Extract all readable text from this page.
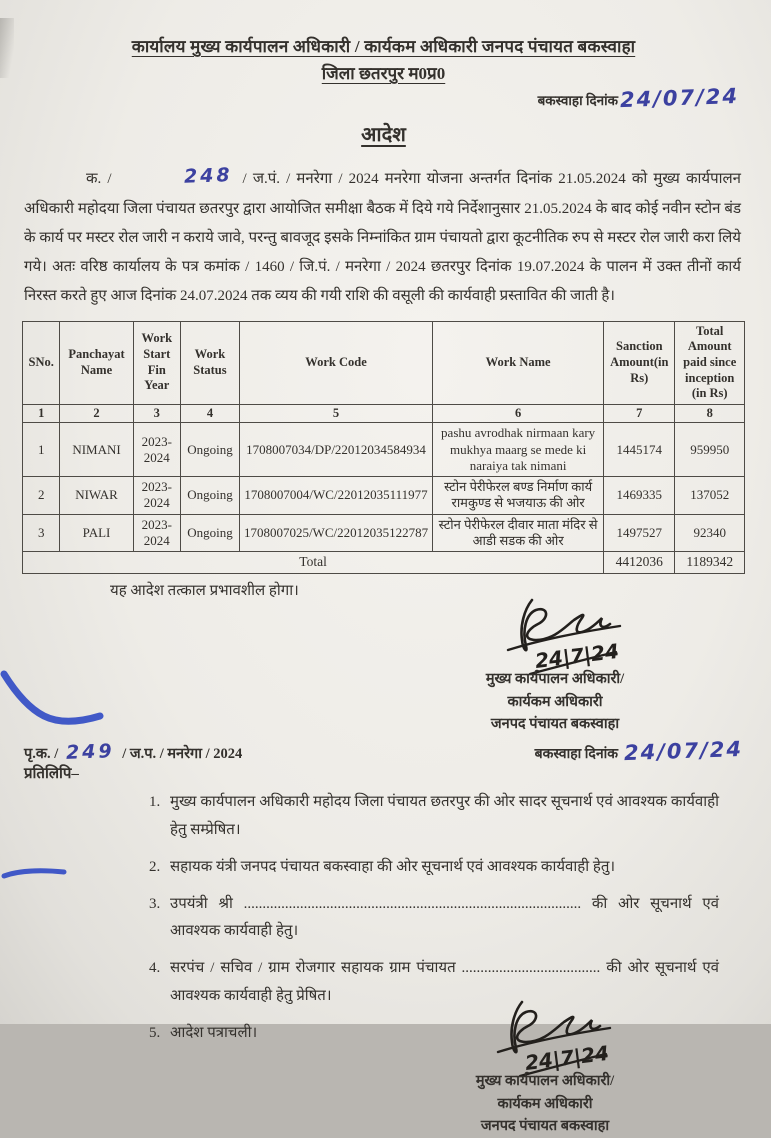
कार्यालय मुख्य कार्यपालन अधिकारी / कार्यकम अधिकारी जनपद पंचायत बकस्वाहा
जिला छतरपुर म0प्र0
बकस्वाहा दिनांक 24/07/24
आदेश

क. /	248 / ज.पं. / मनरेगा / 2024 मनरेगा योजना अन्तर्गत दिनांक 21.05.2024 को मुख्य कार्यपालन अधिकारी महोदया जिला पंचायत छतरपुर द्वारा आयोजित समीक्षा बैठक में दिये गये निर्देशानुसार 21.05.2024 के बाद कोई नवीन स्टोन बंड के कार्य पर मस्टर रोल जारी न कराये जावे, परन्तु बावजूद इसके निम्नांकित ग्राम पंचायतो द्वारा कूटनीतिक रुप से मस्टर रोल जारी करा लिये गये। अतः वरिष्ठ कार्यालय के पत्र कमांक / 1460 / जि.पं. / मनरेगा / 2024 छतरपुर दिनांक 19.07.2024 के पालन में उक्त तीनों कार्य निरस्त करते हुए आज दिनांक 24.07.2024 तक व्यय की गयी राशि की वसूली की कार्यवाही प्रस्तावित की जाती है।

SNo.	Panchayat Name	Work Start Fin Year	Work Status	Work Code	Work Name	Sanction Amount(in Rs)	Total Amount paid since inception (in Rs)
1	2	3	4	5	6	7	8
1	NIMANI	2023-2024	Ongoing	1708007034/DP/22012034584934	pashu avrodhak nirmaan kary mukhya maarg se mede ki naraiya tak nimani	1445174	959950
2	NIWAR	2023-2024	Ongoing	1708007004/WC/22012035111977	स्टोन पेरीफेरल बण्ड निर्माण कार्य रामकुण्ड से भजयाऊ की ओर	1469335	137052
3	PALI	2023-2024	Ongoing	1708007025/WC/22012035122787	स्टोन पेरीफेरल दीवार माता मंदिर से आडी सडक की ओर	1497527	92340
Total						4412036	1189342

यह आदेश तत्काल प्रभावशील होगा।

24|7|24
मुख्य कार्यपालन अधिकारी/
कार्यकम अधिकारी
जनपद पंचायत बकस्वाहा
पृ.क. / 249 / ज.प. / मनरेगा / 2024	बकस्वाहा दिनांक 24/07/24

प्रतिलिपि–

1. मुख्य कार्यपालन अधिकारी महोदय जिला पंचायत छतरपुर की ओर सादर सूचनार्थ एवं आवश्यक कार्यवाही हेतु सम्प्रेषित।
2. सहायक यंत्री जनपद पंचायत बकस्वाहा की ओर सूचनार्थ एवं आवश्यक कार्यवाही हेतु।
3. उपयंत्री श्री .......................................................................................... की ओर सूचनार्थ एवं आवश्यक कार्यवाही हेतु।
4. सरपंच / सचिव / ग्राम रोजगार सहायक ग्राम पंचायत ..................................... की ओर सूचनार्थ एवं आवश्यक कार्यवाही हेतु प्रेषित।
5. आदेश पत्राचली।
24|7|24
मुख्य कार्यपालन अधिकारी/
कार्यकम अधिकारी
जनपद पंचायत बकस्वाहा
